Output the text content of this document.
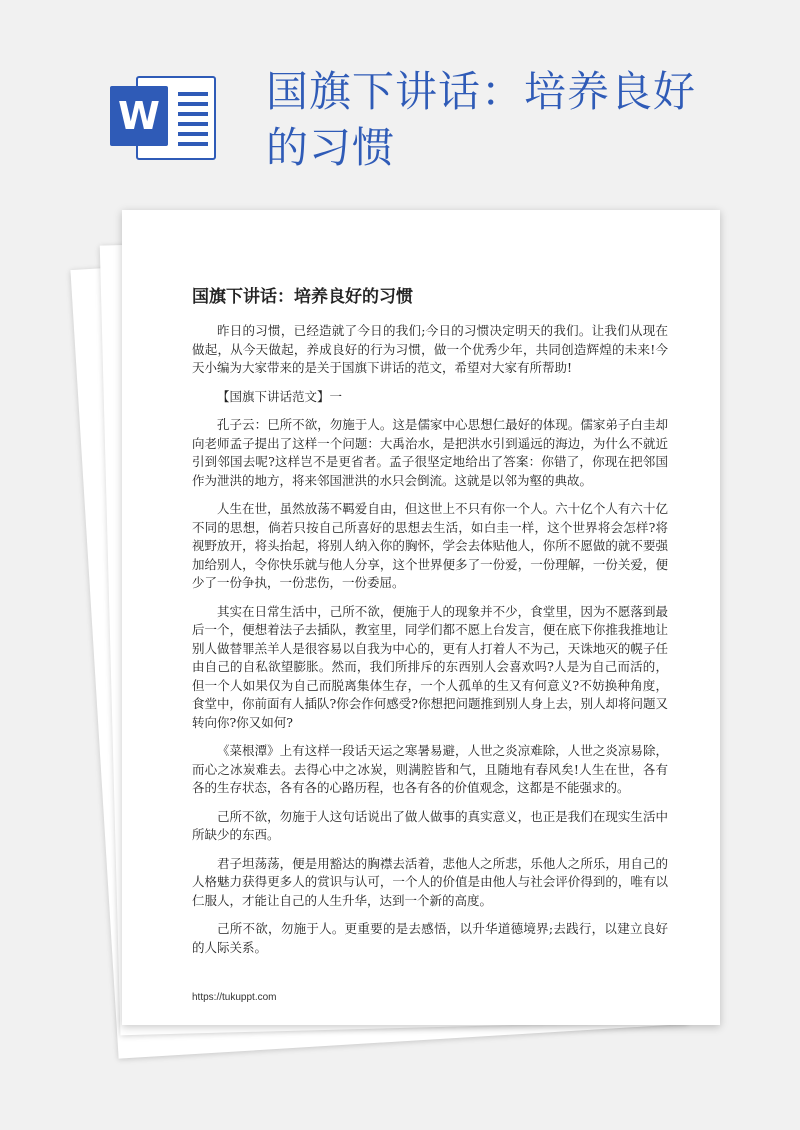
W	国旗下讲话：培养良好的习惯
国旗下讲话：培养良好的习惯

昨日的习惯，已经造就了今日的我们;今日的习惯决定明天的我们。让我们从现在做起，从今天做起，养成良好的行为习惯，做一个优秀少年，共同创造辉煌的未来!今天小编为大家带来的是关于国旗下讲话的范文，希望对大家有所帮助!

【国旗下讲话范文】一

孔子云：巳所不欲，勿施于人。这是儒家中心思想仁最好的体现。儒家弟子白圭却向老师孟子提出了这样一个问题：大禹治水，是把洪水引到遥远的海边，为什么不就近引到邻国去呢?这样岂不是更省者。孟子很坚定地给出了答案：你错了，你现在把邻国作为泄洪的地方，将来邻国泄洪的水只会倒流。这就是以邻为壑的典故。

人生在世，虽然放荡不羁爱自由，但这世上不只有你一个人。六十亿个人有六十亿不同的思想，倘若只按自己所喜好的思想去生活，如白圭一样，这个世界将会怎样?将视野放开，将头抬起，将别人纳入你的胸怀，学会去体贴他人，你所不愿做的就不要强加给别人，令你快乐就与他人分享，这个世界便多了一份爱，一份理解，一份关爱，便少了一份争执，一份悲伤，一份委屈。

其实在日常生活中，己所不欲，便施于人的现象并不少，食堂里，因为不愿落到最后一个，便想着法子去插队，教室里，同学们都不愿上台发言，便在底下你推我推地让别人做替罪羔羊人是很容易以自我为中心的，更有人打着人不为己，天诛地灭的幌子任由自己的自私欲望膨胀。然而，我们所排斥的东西别人会喜欢吗?人是为自己而活的，但一个人如果仅为自己而脱离集体生存，一个人孤单的生又有何意义?不妨换种角度，食堂中，你前面有人插队?你会作何感受?你想把问题推到别人身上去，别人却将问题又转向你?你又如何?

《菜根潭》上有这样一段话天运之寒暑易避，人世之炎凉难除，人世之炎凉易除，而心之冰炭难去。去得心中之冰炭，则满腔皆和气，且随地有春风矣!人生在世，各有各的生存状态，各有各的心路历程，也各有各的价值观念，这都是不能强求的。

己所不欲，勿施于人这句话说出了做人做事的真实意义，也正是我们在现实生活中所缺少的东西。

君子坦荡荡，便是用豁达的胸襟去活着，悲他人之所悲，乐他人之所乐，用自己的人格魅力获得更多人的赏识与认可，一个人的价值是由他人与社会评价得到的，唯有以仁服人，才能让自己的人生升华，达到一个新的高度。

己所不欲，勿施于人。更重要的是去感悟，以升华道德境界;去践行，以建立良好的人际关系。

https://tukuppt.com
